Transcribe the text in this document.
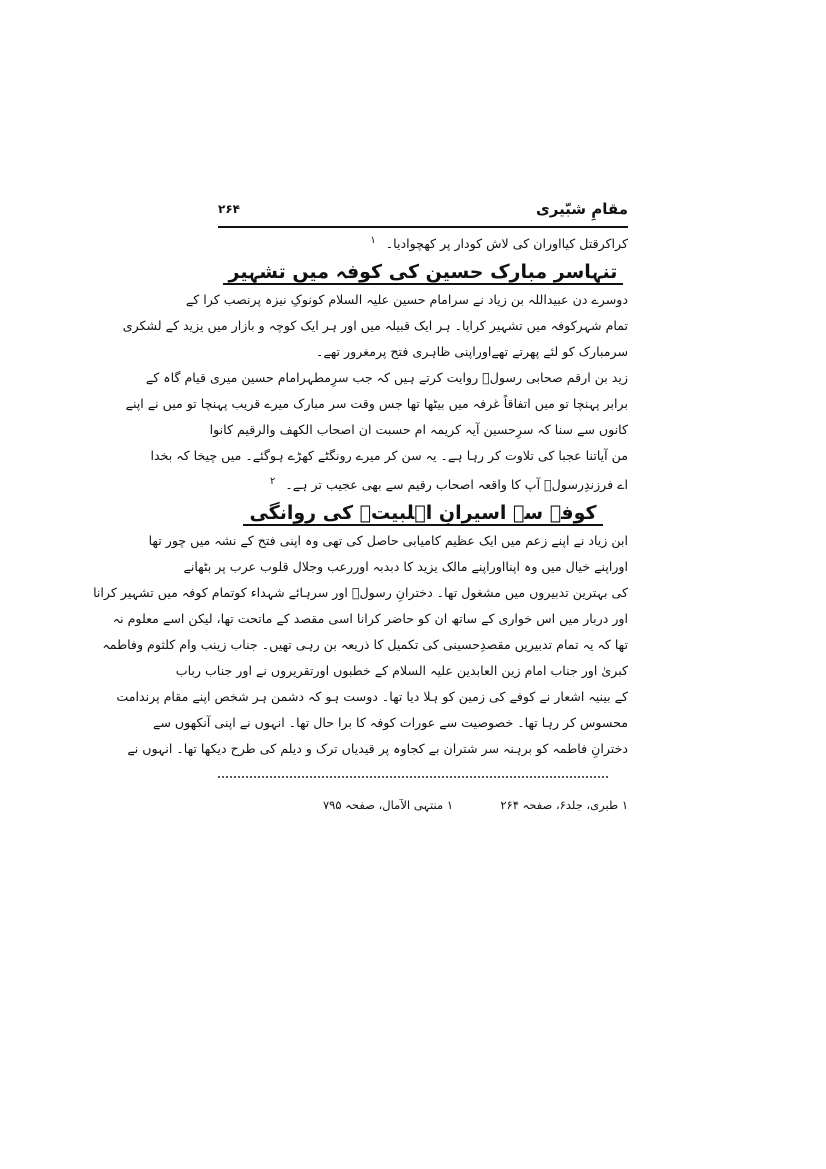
مقامِ شبّیری
۲۶۴
کراکرقتل کیااوران کی لاش کودار پر کھچوادیا۔ $^۱$
تنہاسر مبارک حسین کی کوفہ میں تشہیر
دوسرے دن عبیداللہ بن زیاد نے سرامام حسین علیہ السلام کونوکِ نیزہ پرنصب کرا کے
تمام شہرکوفہ میں تشہیر کرایا۔ ہر ایک قبیلہ میں اور ہر ایک کوچہ و بازار میں یزید کے لشکری
سرمبارک کو لئے پھرتے تھےاوراپنی ظاہری فتح پرمغرور تھے۔
زید بن ارقم صحابی رسولؐ روایت کرتے ہیں کہ جب سرِمطہرامام حسین میری قیام گاہ کے
برابر پہنچا تو میں اتفاقاً غرفہ میں بیٹھا تھا جس وقت سر مبارک میرے قریب پہنچا تو میں نے اپنے
کانوں سے سنا کہ سرِحسین آیہ کریمہ ام حسبت ان اصحاب الکھف والرقیم کانوا
من آیاتنا عجبا کی تلاوت کر رہا ہے۔ یہ سن کر میرے رونگٹے کھڑے ہوگئے۔ میں چیخا کہ بخدا
اے فرزندِرسولؐ آپ کا واقعہ اصحاب رقیم سے بھی عجیب تر ہے۔ $^۲$
کوفہ سے اسیرانِ اہلبیتؑ کی روانگی
ابن زیاد نے اپنے زعم میں ایک عظیم کامیابی حاصل کی تھی وہ اپنی فتح کے نشہ میں چور تھا
اوراپنے خیال میں وہ اپنااوراپنے مالک یزید کا دبدبہ اوررعب وجلال قلوب عرب پر بٹھانے
کی بہترین تدبیروں میں مشغول تھا۔ دخترانِ رسولؐ اور سرہائے شہداء کوتمام کوفہ میں تشہیر کرانا
اور دربار میں اس خواری کے ساتھ ان کو حاضر کرانا اسی مقصد کے ماتحت تھا، لیکن اسے معلوم نہ
تھا کہ یہ تمام تدبیریں مقصدِحسینی کی تکمیل کا ذریعہ بن رہی تھیں۔ جناب زینب وام کلثوم وفاطمہ
کبریٰ اور جناب امام زین العابدین علیہ السلام کے خطبوں اورتقریروں نے اور جناب رباب
کے بینیہ اشعار نے کوفے کی زمین کو ہلا دیا تھا۔ دوست ہو کہ دشمن ہر شخص اپنے مقام پرندامت
محسوس کر رہا تھا۔ خصوصیت سے عورات کوفہ کا برا حال تھا۔ انہوں نے اپنی آنکھوں سے
دخترانِ فاطمہ کو برہنہ سر شتران بے کجاوہ پر قیدیاں ترک و دیلم کی طرح دیکھا تھا۔ انہوں نے
۱ طبری، جلد۶، صفحہ ۲۶۴
۱ منتہی الآمال، صفحہ ۷۹۵
